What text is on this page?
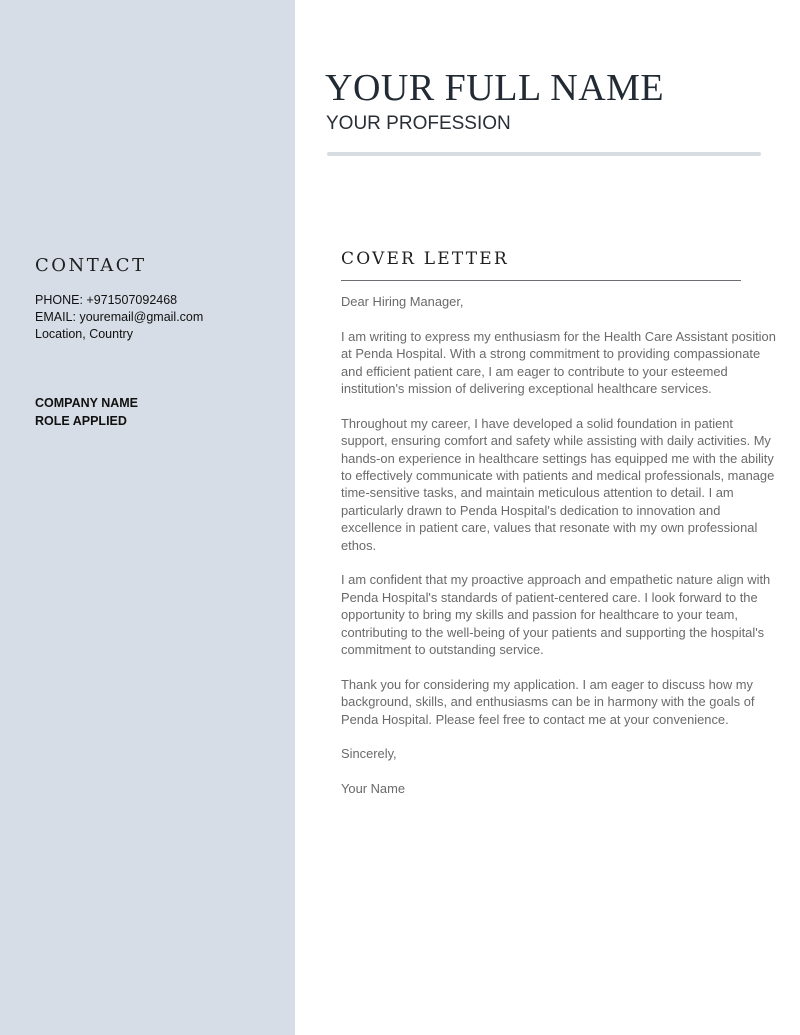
CONTACT
PHONE: +971507092468
EMAIL: youremail@gmail.com
Location, Country
COMPANY NAME
ROLE APPLIED
YOUR FULL NAME
YOUR PROFESSION
COVER LETTER

Dear Hiring Manager,

I am writing to express my enthusiasm for the Health Care Assistant position at Penda Hospital. With a strong commitment to providing compassionate and efficient patient care, I am eager to contribute to your esteemed institution's mission of delivering exceptional healthcare services.

Throughout my career, I have developed a solid foundation in patient support, ensuring comfort and safety while assisting with daily activities. My hands-on experience in healthcare settings has equipped me with the ability to effectively communicate with patients and medical professionals, manage time-sensitive tasks, and maintain meticulous attention to detail. I am particularly drawn to Penda Hospital's dedication to innovation and excellence in patient care, values that resonate with my own professional ethos.

I am confident that my proactive approach and empathetic nature align with Penda Hospital's standards of patient-centered care. I look forward to the opportunity to bring my skills and passion for healthcare to your team, contributing to the well-being of your patients and supporting the hospital's commitment to outstanding service.

Thank you for considering my application. I am eager to discuss how my background, skills, and enthusiasms can be in harmony with the goals of Penda Hospital. Please feel free to contact me at your convenience.

Sincerely,

Your Name
